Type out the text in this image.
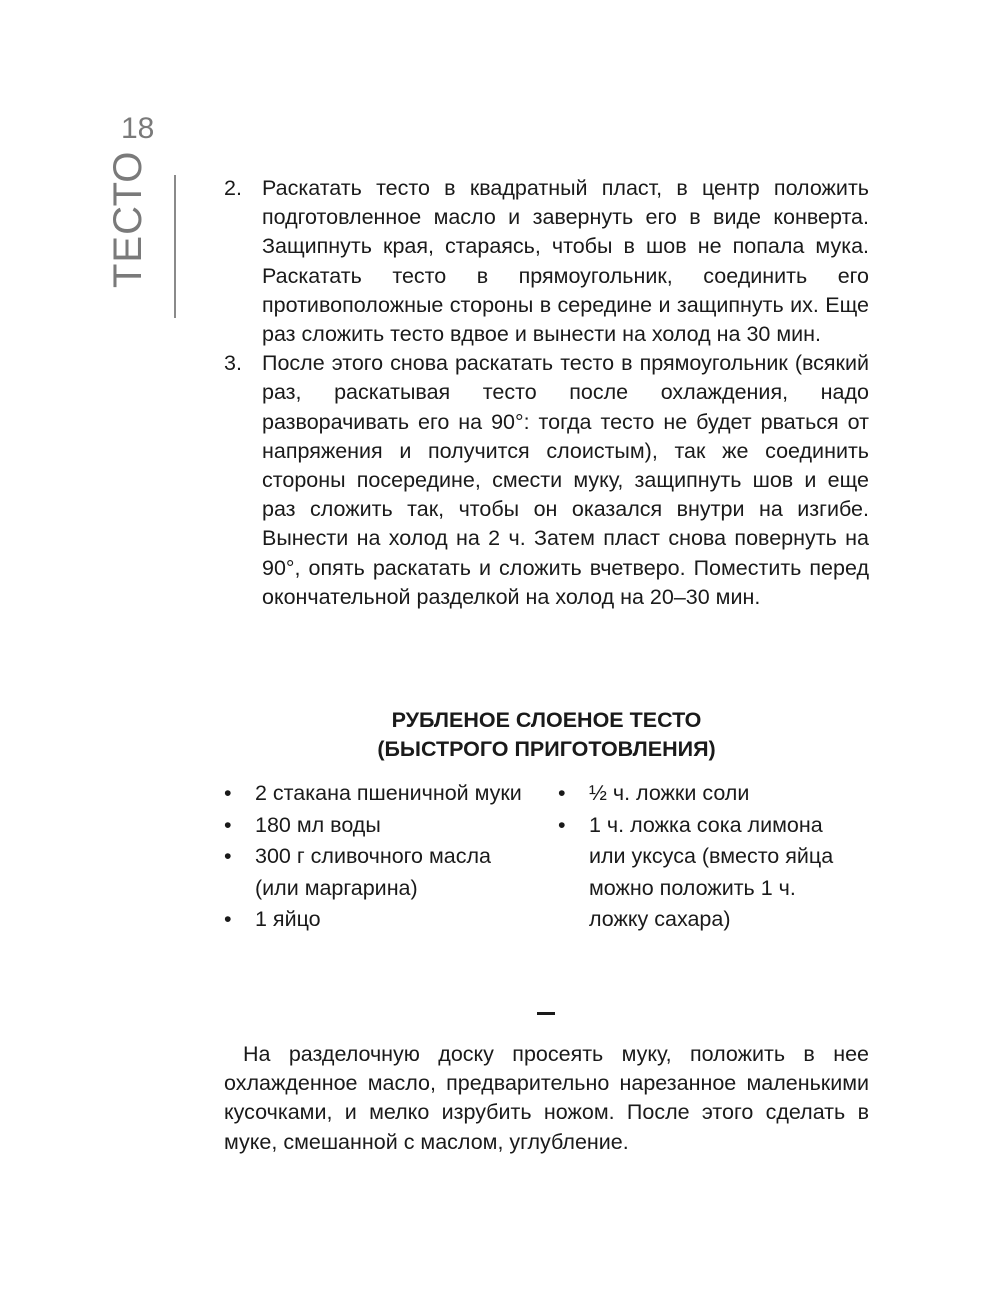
18
ТЕСТО	2. Раскатать тесто в квадратный пласт, в центр положить подготовленное масло и завернуть его в виде конверта. Защипнуть края, стараясь, чтобы в шов не попала мука. Раскатать тесто в прямоугольник, соединить его противоположные стороны в середине и защипнуть их. Еще раз сложить тесто вдвое и вынести на холод на 30 мин.
3. После этого снова раскатать тесто в прямоугольник (всякий раз, раскатывая тесто после охлаждения, надо разворачивать его на 90°: тогда тесто не будет рваться от напряжения и получится слоистым), так же соединить стороны посередине, смести муку, защипнуть шов и еще раз сложить так, чтобы он оказался внутри на изгибе. Вынести на холод на 2 ч. Затем пласт снова повернуть на 90°, опять раскатать и сложить вчетверо. Поместить перед окончательной разделкой на холод на 20–30 мин.
РУБЛЕНОЕ СЛОЕНОЕ ТЕСТО
(БЫСТРОГО ПРИГОТОВЛЕНИЯ)
• 2 стакана пшеничной муки
• 180 мл воды
• 300 г сливочного масла (или маргарина)
• 1 яйцо
• ½ ч. ложки соли
• 1 ч. ложка сока лимона или уксуса (вместо яйца можно положить 1 ч. ложку сахара)

На разделочную доску просеять муку, положить в нее охлажденное масло, предварительно нарезанное маленькими кусочками, и мелко изрубить ножом. После этого сделать в муке, смешанной с маслом, углубление.
